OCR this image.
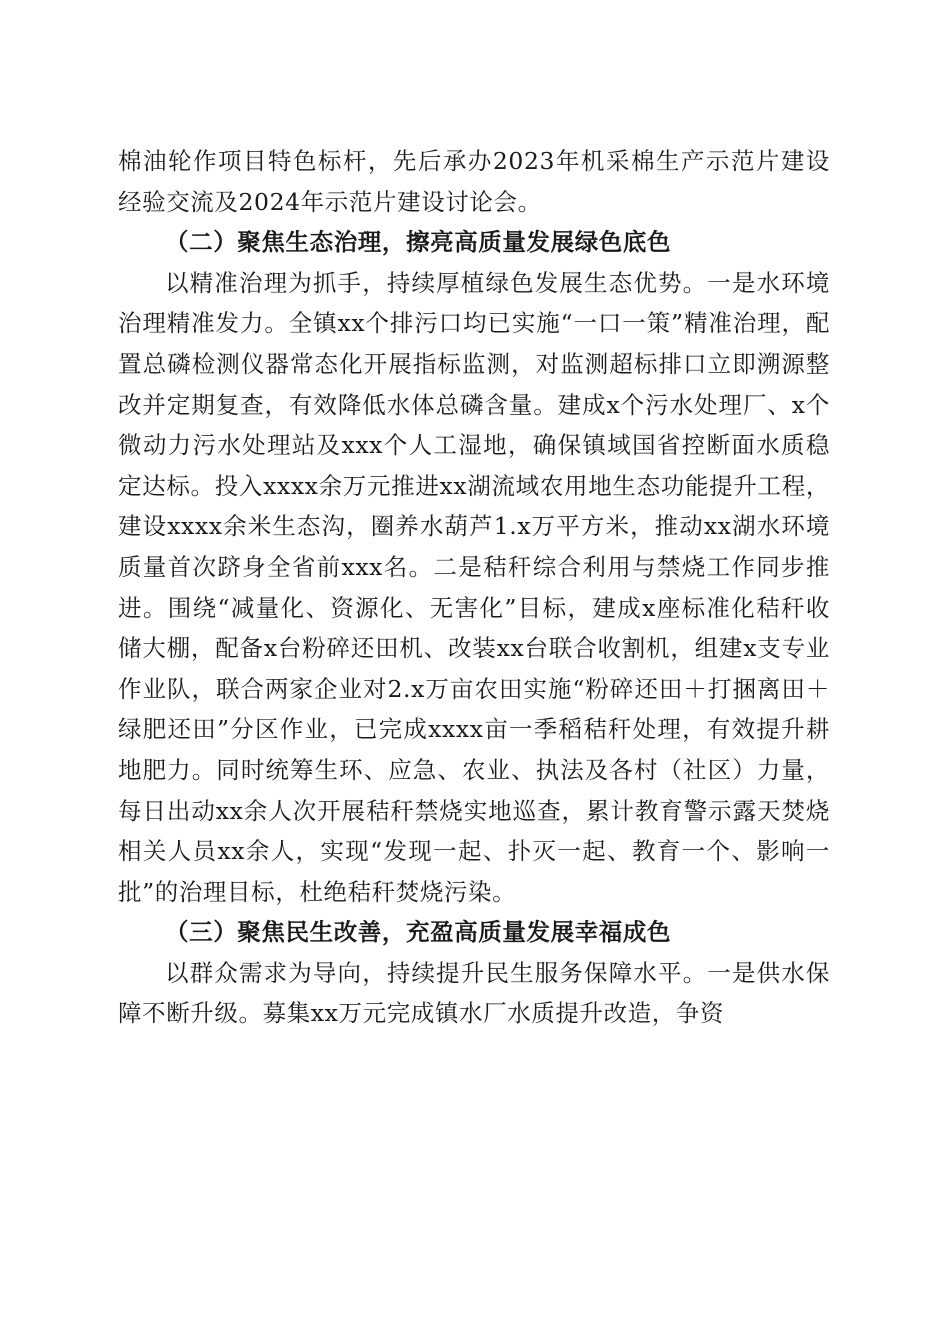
棉油轮作项目特色标杆，先后承办2023年机采棉生产示范片建设经验交流及2024年示范片建设讨论会。

（二）聚焦生态治理，擦亮高质量发展绿色底色

以精准治理为抓手，持续厚植绿色发展生态优势。一是水环境治理精准发力。全镇xx个排污口均已实施“一口一策”精准治理，配置总磷检测仪器常态化开展指标监测，对监测超标排口立即溯源整改并定期复查，有效降低水体总磷含量。建成x个污水处理厂、x个微动力污水处理站及xxx个人工湿地，确保镇域国省控断面水质稳定达标。投入xxxx余万元推进xx湖流域农用地生态功能提升工程，建设xxxx余米生态沟，圈养水葫芦1.x万平方米，推动xx湖水环境质量首次跻身全省前xxx名。二是秸秆综合利用与禁烧工作同步推进。围绕“减量化、资源化、无害化”目标，建成x座标准化秸秆收储大棚，配备x台粉碎还田机、改装xx台联合收割机，组建x支专业作业队，联合两家企业对2.x万亩农田实施“粉碎还田＋打捆离田＋绿肥还田”分区作业，已完成xxxx亩一季稻秸秆处理，有效提升耕地肥力。同时统筹生环、应急、农业、执法及各村（社区）力量，每日出动xx余人次开展秸秆禁烧实地巡查，累计教育警示露天焚烧相关人员xx余人，实现“发现一起、扑灭一起、教育一个、影响一批”的治理目标，杜绝秸秆焚烧污染。

（三）聚焦民生改善，充盈高质量发展幸福成色

以群众需求为导向，持续提升民生服务保障水平。一是供水保障不断升级。募集xx万元完成镇水厂水质提升改造，争资
